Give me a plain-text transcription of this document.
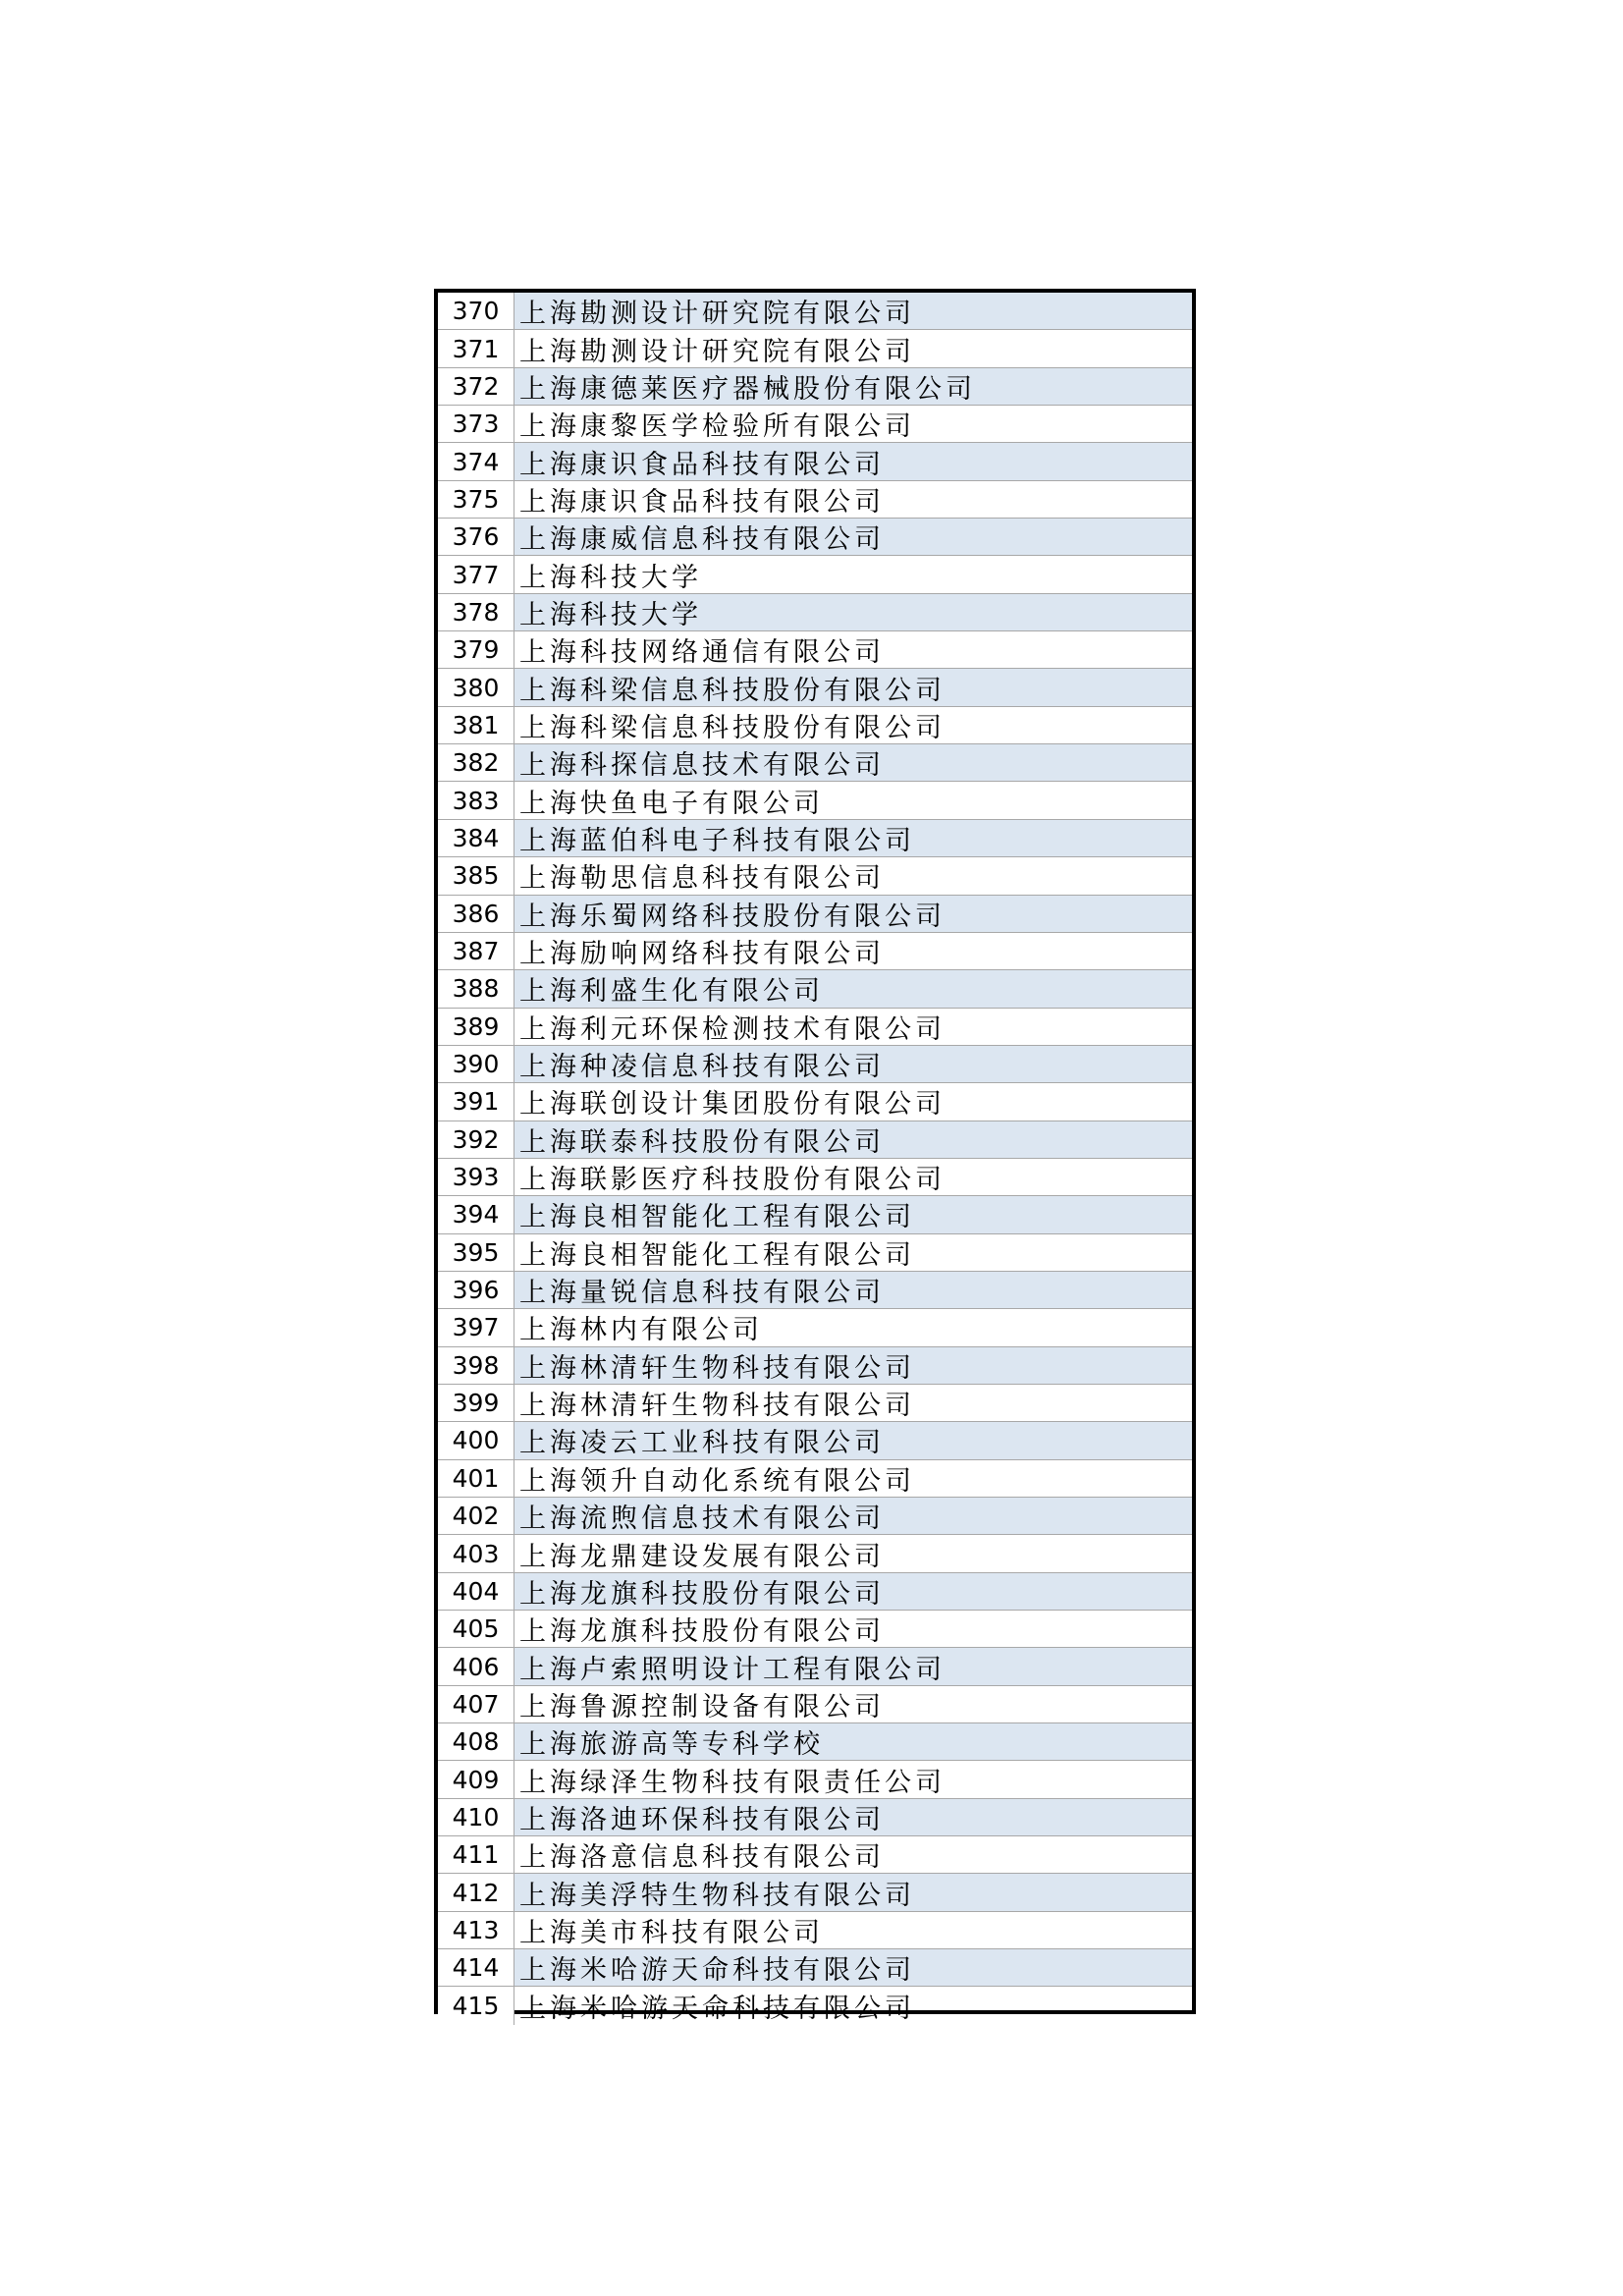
370 上海勘测设计研究院有限公司
371 上海勘测设计研究院有限公司
372 上海康德莱医疗器械股份有限公司
373 上海康黎医学检验所有限公司
374 上海康识食品科技有限公司
375 上海康识食品科技有限公司
376 上海康威信息科技有限公司
377 上海科技大学
378 上海科技大学
379 上海科技网络通信有限公司
380 上海科梁信息科技股份有限公司
381 上海科梁信息科技股份有限公司
382 上海科探信息技术有限公司
383 上海快鱼电子有限公司
384 上海蓝伯科电子科技有限公司
385 上海勒思信息科技有限公司
386 上海乐蜀网络科技股份有限公司
387 上海励响网络科技有限公司
388 上海利盛生化有限公司
389 上海利元环保检测技术有限公司
390 上海种凌信息科技有限公司
391 上海联创设计集团股份有限公司
392 上海联泰科技股份有限公司
393 上海联影医疗科技股份有限公司
394 上海良相智能化工程有限公司
395 上海良相智能化工程有限公司
396 上海量锐信息科技有限公司
397 上海林内有限公司
398 上海林清轩生物科技有限公司
399 上海林清轩生物科技有限公司
400 上海凌云工业科技有限公司
401 上海领升自动化系统有限公司
402 上海流煦信息技术有限公司
403 上海龙鼎建设发展有限公司
404 上海龙旗科技股份有限公司
405 上海龙旗科技股份有限公司
406 上海卢索照明设计工程有限公司
407 上海鲁源控制设备有限公司
408 上海旅游高等专科学校
409 上海绿泽生物科技有限责任公司
410 上海洛迪环保科技有限公司
411 上海洛意信息科技有限公司
412 上海美浮特生物科技有限公司
413 上海美市科技有限公司
414 上海米哈游天命科技有限公司
415 上海米哈游天命科技有限公司
